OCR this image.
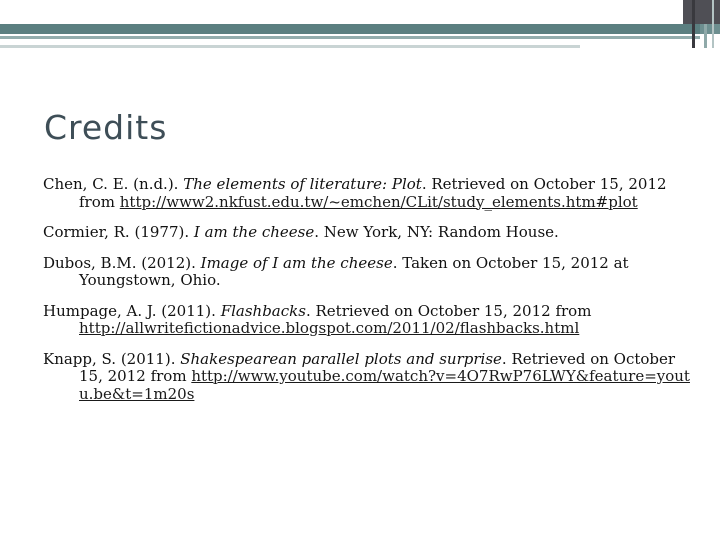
Credits

Chen, C. E. (n.d.). The elements of literature: Plot. Retrieved on October 15, 2012 from http://www2.nkfust.edu.tw/~emchen/CLit/study_elements.htm#plot

Cormier, R. (1977). I am the cheese. New York, NY: Random House.

Dubos, B.M. (2012). Image of I am the cheese. Taken on October 15, 2012 at Youngstown, Ohio.

Humpage, A. J. (2011). Flashbacks. Retrieved on October 15, 2012 from http://allwritefictionadvice.blogspot.com/2011/02/flashbacks.html

Knapp, S. (2011). Shakespearean parallel plots and surprise. Retrieved on October 15, 2012 from http://www.youtube.com/watch?v=4O7RwP76LWY&feature=youtu.be&t=1m20s
